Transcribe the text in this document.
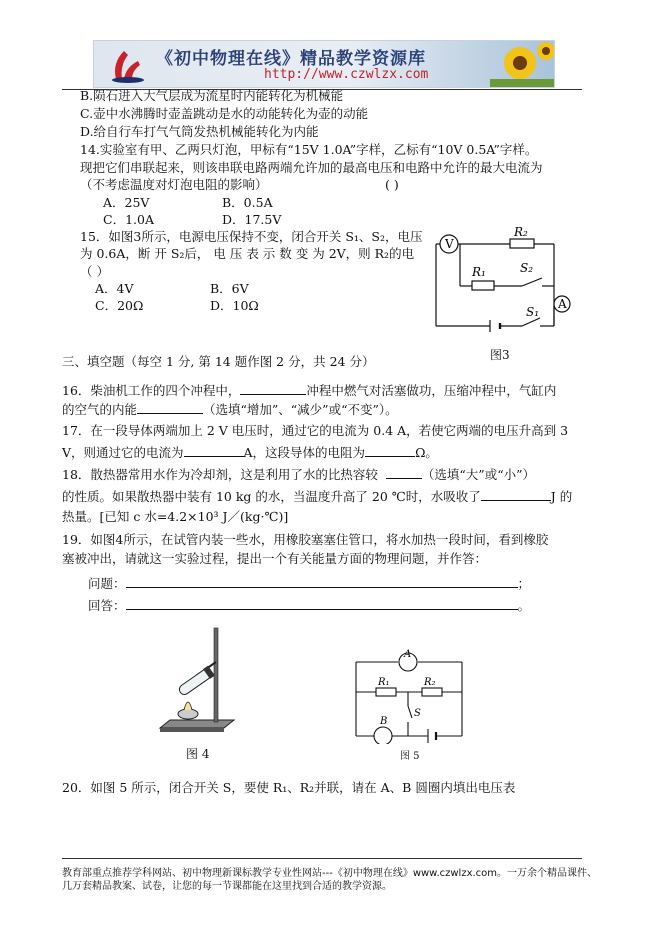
《初中物理在线》精品教学资源库
http://www.czwlzx.com
B.陨石进入大气层成为流星时内能转化为机械能
C.壶中水沸腾时壶盖跳动是水的动能转化为壶的动能
D.给自行车打气气筒发热机械能转化为内能
14.实验室有甲、乙两只灯泡，甲标有“15V 1.0A”字样，乙标有“10V 0.5A”字样。
现把它们串联起来，则该串联电路两端允许加的最高电压和电路中允许的最大电流为
（不考虑温度对灯泡电阻的影响）	( )
A．25V	B．0.5A
C．1.0A	D．17.5V
15．如图3所示，电源电压保持不变，闭合开关 S₁、S₂，电压
为 0.6A，断 开 S₂后， 电 压 表 示 数 变 为 2V，则 R₂的电
（ ）
A．4V	B．6V
C．20Ω	D．10Ω
V
R₂
R₁	S₂
A
S₁
图3
三、填空题（每空 1 分, 第 14 题作图 2 分，共 24 分）
16．柴油机工作的四个冲程中，	冲程中燃气对活塞做功，压缩冲程中，气缸内
的空气的内能	（选填“增加”、“减少”或“不变”）。
17．在一段导体两端加上 2 V 电压时，通过它的电流为 0.4 A，若使它两端的电压升高到 3
V，则通过它的电流为	A，这段导体的电阻为	Ω。
18．散热器常用水作为冷却剂，这是利用了水的比热容较	（选填“大”或“小”）
的性质。如果散热器中装有 10 kg 的水，当温度升高了 20 ℃时，水吸收了	J 的
热量。[已知 c 水=4.2×10³ J／(kg·℃)]
19．如图4所示，在试管内装一些水，用橡胶塞塞住管口，将水加热一段时间，看到橡胶
塞被冲出，请就这一实验过程，提出一个有关能量方面的物理问题，并作答：
问题：	；
回答：	。
图 4
A
R₁	R₂
B
S
图 5
20．如图 5 所示，闭合开关 S，要使 R₁、R₂并联，请在 A、B 圆圈内填出电压表
教育部重点推荐学科网站、初中物理新课标教学专业性网站---《初中物理在线》www.czwlzx.com。一万余个精品课件、
几万套精品教案、试卷，让您的每一节课都能在这里找到合适的教学资源。
